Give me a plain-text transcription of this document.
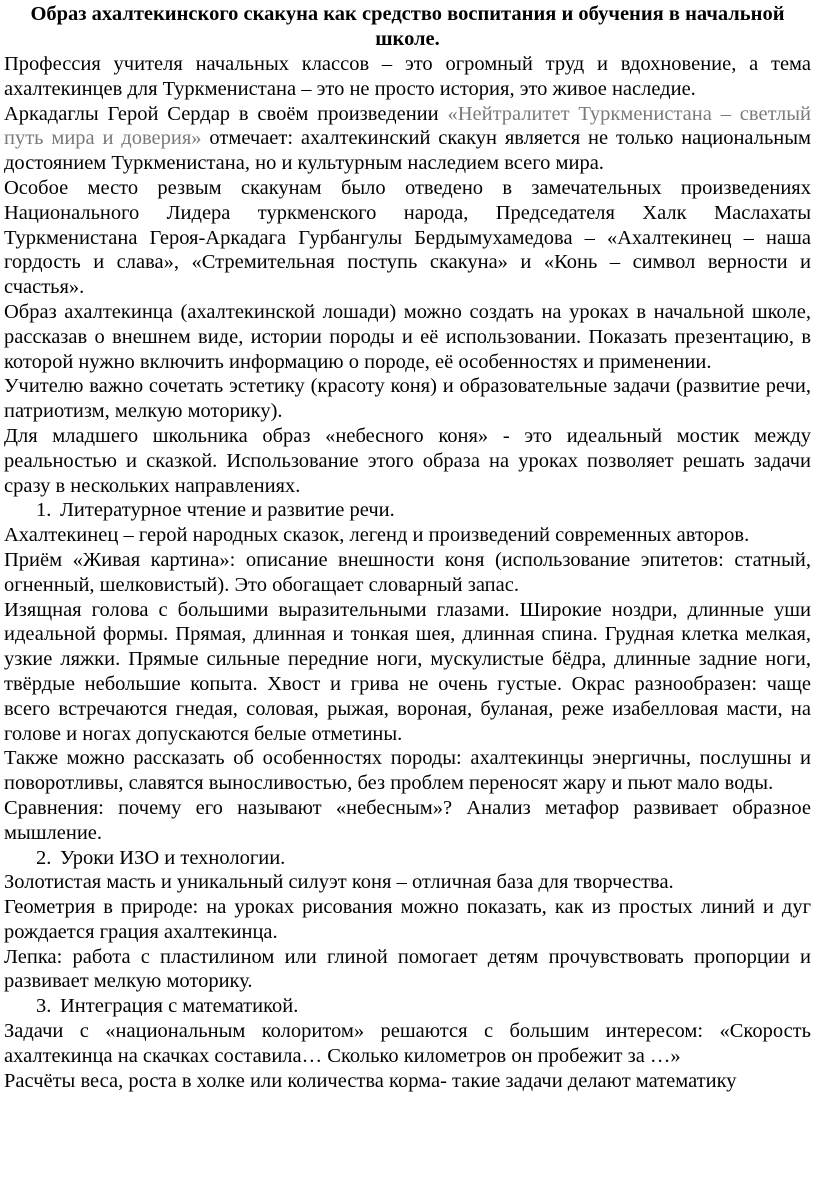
Образ ахалтекинского скакуна как средство воспитания и обучения в начальной школе.

Профессия учителя начальных классов – это огромный труд и вдохновение, а тема ахалтекинцев для Туркменистана – это не просто история, это живое наследие.

Аркадаглы Герой Сердар в своём произведении «Нейтралитет Туркменистана – светлый путь мира и доверия» отмечает: ахалтекинский скакун является не только национальным достоянием Туркменистана, но и культурным наследием всего мира.

Особое место резвым скакунам было отведено в замечательных произведениях Национального Лидера туркменского народа, Председателя Халк Маслахаты Туркменистана Героя-Аркадага Гурбангулы Бердымухамедова – «Ахалтекинец – наша гордость и слава», «Стремительная поступь скакуна» и «Конь – символ верности и счастья».

Образ ахалтекинца (ахалтекинской лошади) можно создать на уроках в начальной школе, рассказав о внешнем виде, истории породы и её использовании. Показать презентацию, в которой нужно включить информацию о породе, её особенностях и применении.

Учителю важно сочетать эстетику (красоту коня) и образовательные задачи (развитие речи, патриотизм, мелкую моторику).

Для младшего школьника образ «небесного коня» - это идеальный мостик между реальностью и сказкой. Использование этого образа на уроках позволяет решать задачи сразу в нескольких направлениях.

1. Литературное чтение и развитие речи.

Ахалтекинец – герой народных сказок, легенд и произведений современных авторов.

Приём «Живая картина»: описание внешности коня (использование эпитетов: статный, огненный, шелковистый). Это обогащает словарный запас.

Изящная голова с большими выразительными глазами. Широкие ноздри, длинные уши идеальной формы. Прямая, длинная и тонкая шея, длинная спина. Грудная клетка мелкая, узкие ляжки. Прямые сильные передние ноги, мускулистые бёдра, длинные задние ноги, твёрдые небольшие копыта. Хвост и грива не очень густые. Окрас разнообразен: чаще всего встречаются гнедая, соловая, рыжая, вороная, буланая, реже изабелловая масти, на голове и ногах допускаются белые отметины.

Также можно рассказать об особенностях породы: ахалтекинцы энергичны, послушны и поворотливы, славятся выносливостью, без проблем переносят жару и пьют мало воды.

Сравнения: почему его называют «небесным»? Анализ метафор развивает образное мышление.

2. Уроки ИЗО и технологии.

Золотистая масть и уникальный силуэт коня – отличная база для творчества.

Геометрия в природе: на уроках рисования можно показать, как из простых линий и дуг рождается грация ахалтекинца.

Лепка: работа с пластилином или глиной помогает детям прочувствовать пропорции и развивает мелкую моторику.

3. Интеграция с математикой.

Задачи с «национальным колоритом» решаются с большим интересом: «Скорость ахалтекинца на скачках составила… Сколько километров он пробежит за …»

Расчёты веса, роста в холке или количества корма- такие задачи делают математику
